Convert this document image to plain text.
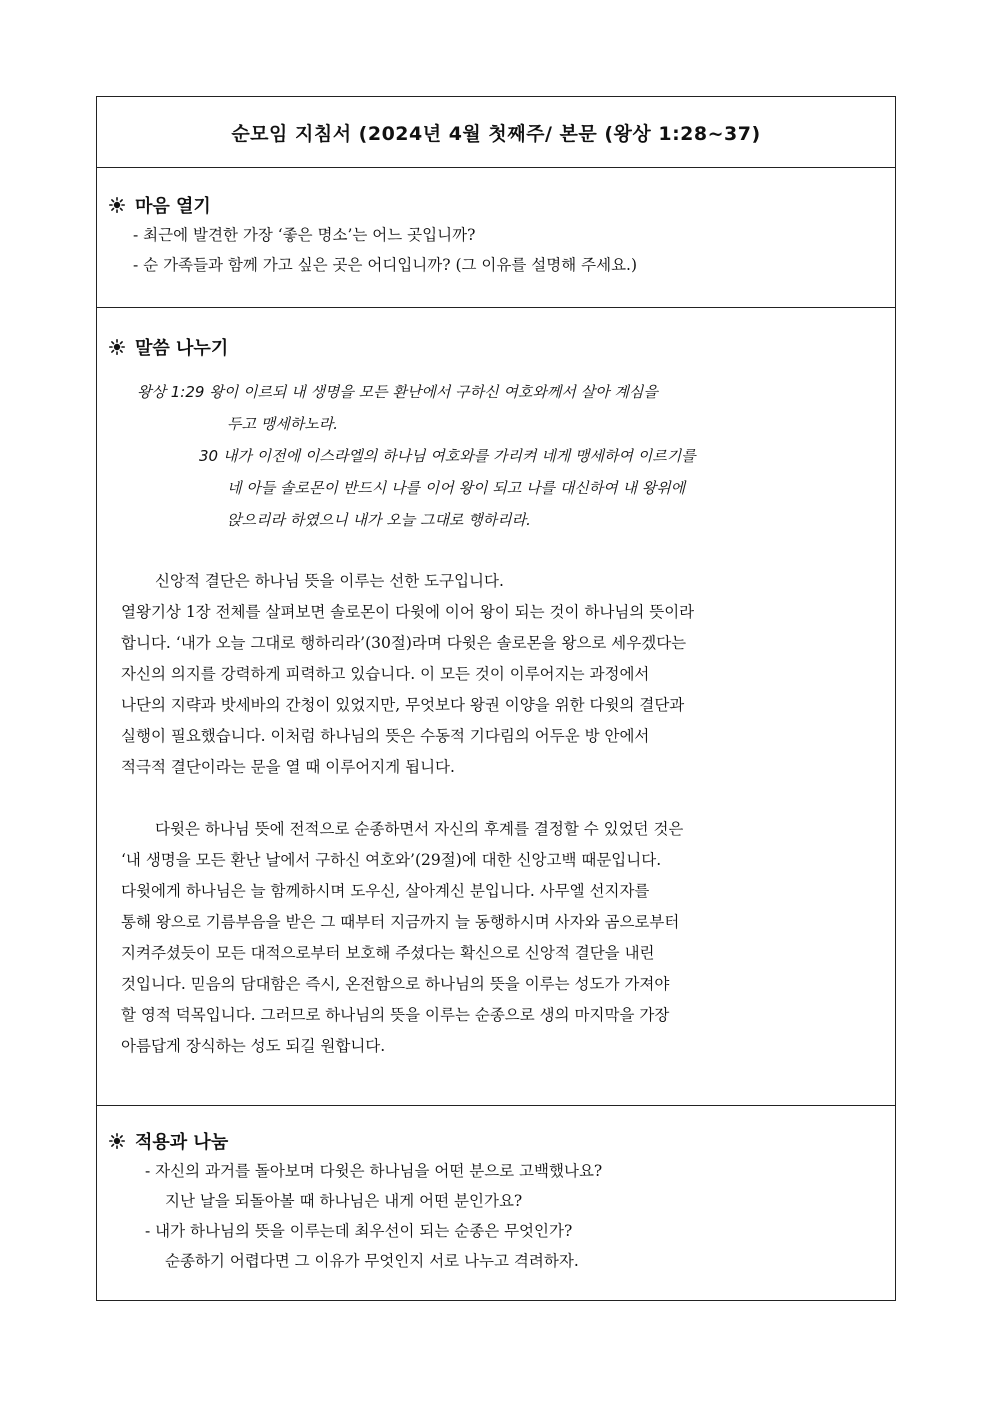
순모임 지침서 (2024년 4월 첫째주/ 본문 (왕상 1:28~37)
마음 열기
- 최근에 발견한 가장 ‘좋은 명소’는 어느 곳입니까?
- 순 가족들과 함께 가고 싶은 곳은 어디입니까? (그 이유를 설명해 주세요.)
말씀 나누기
왕상 1:29 왕이 이르되 내 생명을 모든 환난에서 구하신 여호와께서 살아 계심을
두고 맹세하노라.
30 내가 이전에 이스라엘의 하나님 여호와를 가리켜 네게 맹세하여 이르기를
네 아들 솔로몬이 반드시 나를 이어 왕이 되고 나를 대신하여 내 왕위에
앉으리라 하였으니 내가 오늘 그대로 행하리라.
신앙적 결단은 하나님 뜻을 이루는 선한 도구입니다.
열왕기상 1장 전체를 살펴보면 솔로몬이 다윗에 이어 왕이 되는 것이 하나님의 뜻이라
합니다. ‘내가 오늘 그대로 행하리라’(30절)라며 다윗은 솔로몬을 왕으로 세우겠다는
자신의 의지를 강력하게 피력하고 있습니다. 이 모든 것이 이루어지는 과정에서
나단의 지략과 밧세바의 간청이 있었지만, 무엇보다 왕권 이양을 위한 다윗의 결단과
실행이 필요했습니다. 이처럼 하나님의 뜻은 수동적 기다림의 어두운 방 안에서
적극적 결단이라는 문을 열 때 이루어지게 됩니다.
다윗은 하나님 뜻에 전적으로 순종하면서 자신의 후계를 결정할 수 있었던 것은
‘내 생명을 모든 환난 날에서 구하신 여호와’(29절)에 대한 신앙고백 때문입니다.
다윗에게 하나님은 늘 함께하시며 도우신, 살아계신 분입니다. 사무엘 선지자를
통해 왕으로 기름부음을 받은 그 때부터 지금까지 늘 동행하시며 사자와 곰으로부터
지켜주셨듯이 모든 대적으로부터 보호해 주셨다는 확신으로 신앙적 결단을 내린
것입니다. 믿음의 담대함은 즉시, 온전함으로 하나님의 뜻을 이루는 성도가 가져야
할 영적 덕목입니다. 그러므로 하나님의 뜻을 이루는 순종으로 생의 마지막을 가장
아름답게 장식하는 성도 되길 원합니다.
적용과 나눔
- 자신의 과거를 돌아보며 다윗은 하나님을 어떤 분으로 고백했나요?
지난 날을 되돌아볼 때 하나님은 내게 어떤 분인가요?
- 내가 하나님의 뜻을 이루는데 최우선이 되는 순종은 무엇인가?
순종하기 어렵다면 그 이유가 무엇인지 서로 나누고 격려하자.
